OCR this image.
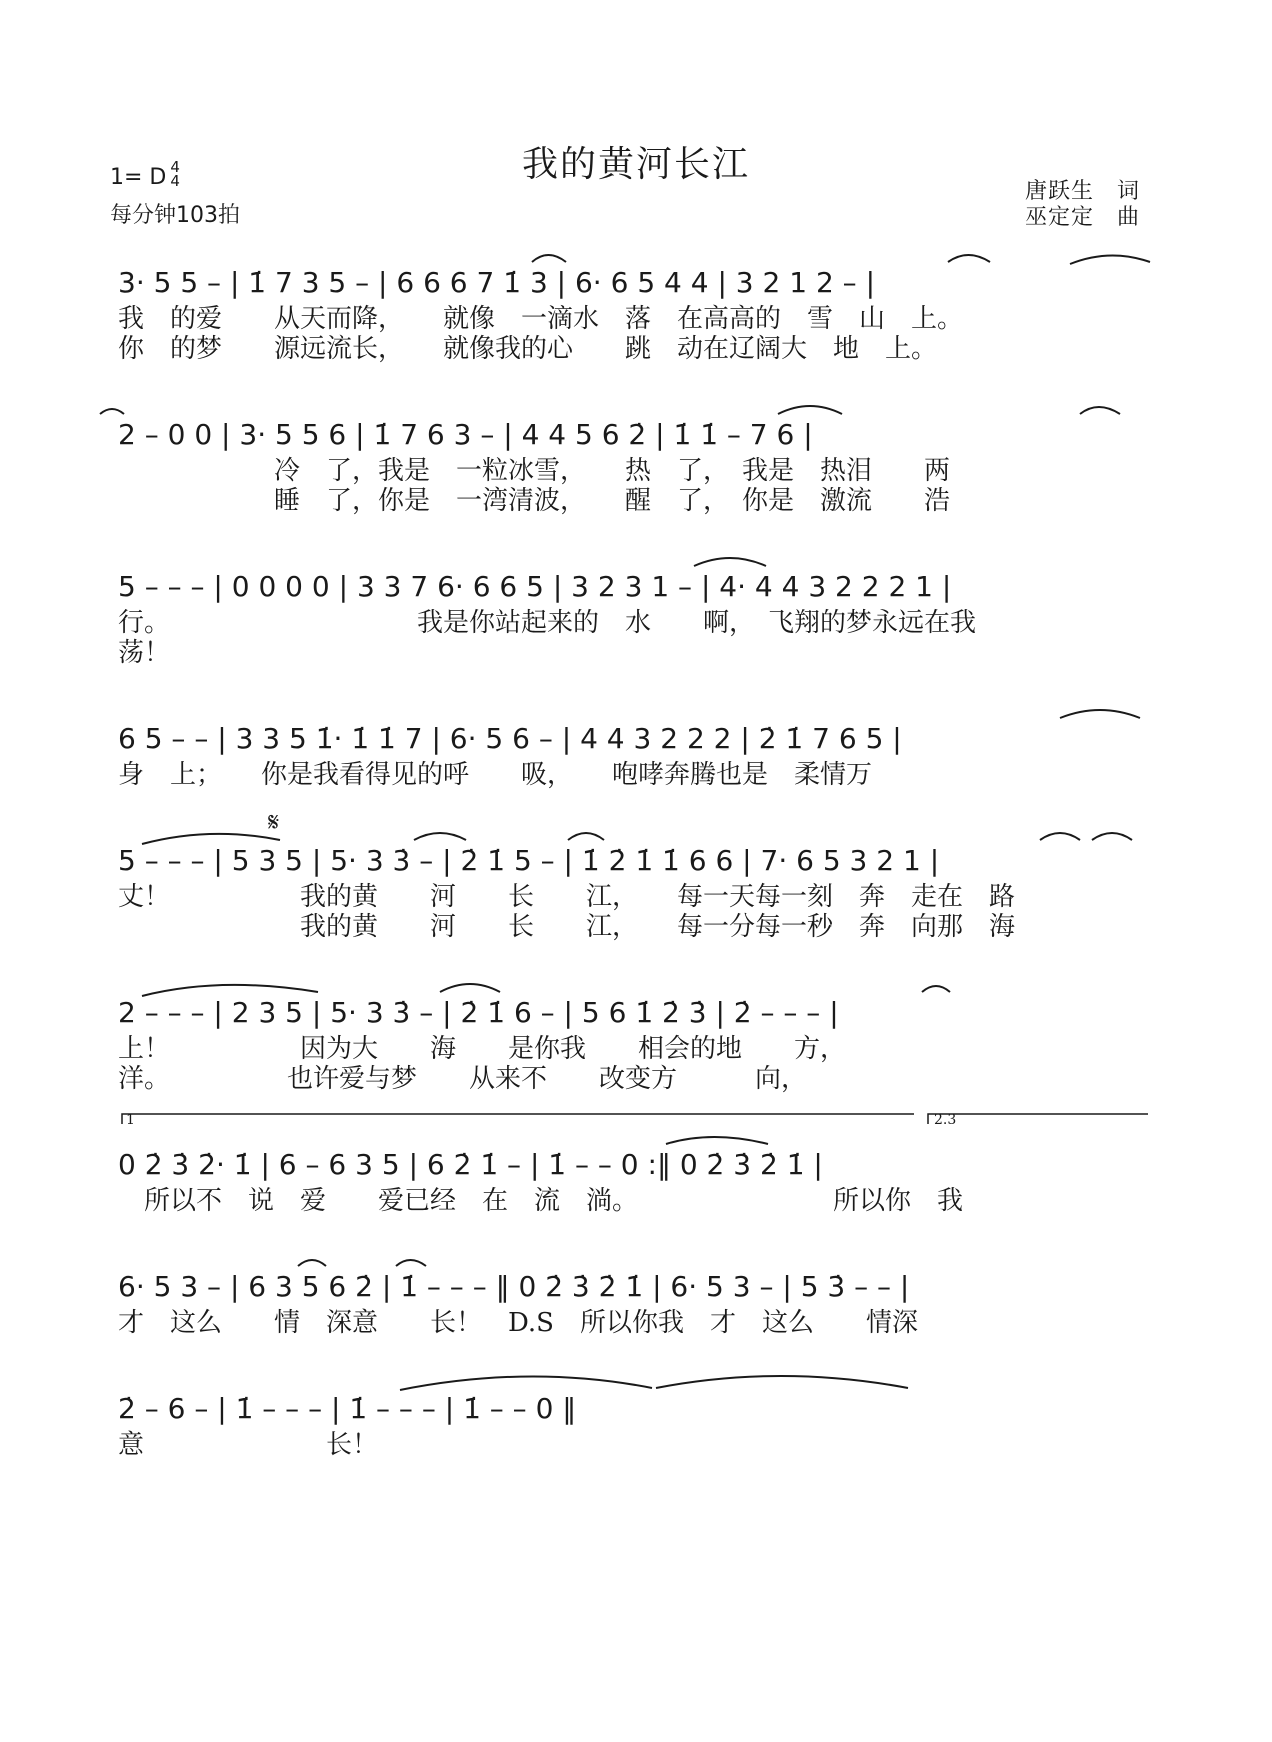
我的黄河长江
1= D 4
4
每分钟103拍
唐跃生　词
巫定定　曲
3· 5 5 – | 1̇ 7 3 5 – | 6 6 6 7 1̇ 3 | 6· 6 5 4 4 | 3 2 1 2 – |
我　的爱　　从天而降，　　就像　一滴水　落　在高高的　雪　山　上。
你　的梦　　源远流长，　　就像我的心　　跳　动在辽阔大　地　上。
2 – 0 0 | 3· 5 5 6 | 1̇ 7 6 3 – | 4 4 5 6 2̇ | 1̇ 1̇ – 7 6 |
　　　　　　冷　了，我是　一粒冰雪，　　热　了，　我是　热泪　　两
　　　　　　睡　了，你是　一湾清波，　　醒　了，　你是　激流　　浩
5 – – – | 0 0 0 0 | 3 3 7 6· 6 6 5 | 3 2 3 1 – | 4· 4 4 3 2 2 2 1 |
行。　　　　　　　　　　我是你站起来的　水　　啊，　飞翔的梦永远在我
荡！
6 5 – – | 3 3 5 1̇· 1̇ 1̇ 7 | 6· 5 6 – | 4 4 3 2 2 2 | 2̇ 1̇ 7 6 5 |
身　上；　　你是我看得见的呼　　吸，　　咆哮奔腾也是　柔情万
𝄋
5 – – – | 5 3 5 | 5· 3 3̇ – | 2̇ 1̇ 5 – | 1̇ 2̇ 1̇ 1̇ 6 6 | 7· 6 5 3 2 1 |
丈！　　　　　我的黄　　河　　长　　江，　　每一天每一刻　奔　走在　路
　　　　　　　我的黄　　河　　长　　江，　　每一分每一秒　奔　向那　海
2 – – – | 2 3 5 | 5· 3 3̇ – | 2̇ 1̇ 6 – | 5 6 1̇ 2̇ 3̇ | 2̇ – – – |
上！　　　　　因为大　　海　　是你我　　相会的地　　方，
洋。　　　　　也许爱与梦　　从来不　　改变方　　　向，
1	2.3
0 2̇ 3̇ 2̇· 1̇ | 6 – 6 3 5 | 6 2̇ 1̇ – | 1̇ – – 0 :‖ 0 2̇ 3̇ 2̇ 1̇ |
　所以不　说　爱　　爱已经　在　流　淌。　　　　　　　　所以你　我
6· 5 3 – | 6 3 5 6 2̇ | 1̇ – – – ‖ 0 2̇ 3̇ 2̇ 1̇ | 6· 5 3 – | 5 3̇ – – |
才　这么　　情　深意　　长！　D.S　所以你我　才　这么　　情深
2̇ – 6 – | 1̇ – – – | 1̇ – – – | 1̇ – – 0 ‖
意　　　　　　　长！
